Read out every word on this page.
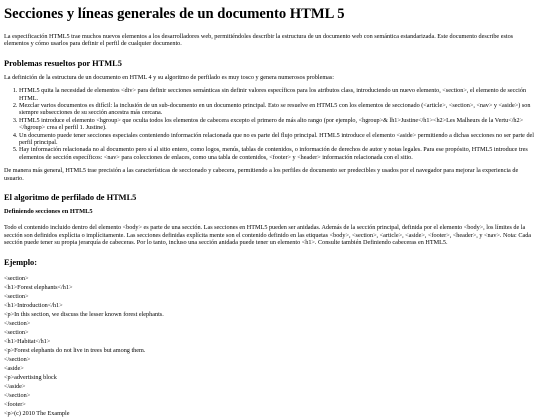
Secciones y líneas generales de un documento HTML 5

La especificación HTML5 trae muchos nuevos elementos a los desarrolladores web, permitiéndoles describir la estructura de un documento web con semántica estandarizada. Este documento describe estos elementos y cómo usarlos para definir el perfil de cualquier documento.

Problemas resueltos por HTML5

La definición de la estructura de un documento en HTML 4 y su algoritmo de perfilado es muy tosco y genera numerosos problemas:

1. HTML5 quita la necesidad de elementos <div> para definir secciones semánticas sin definir valores específicos para los atributos class, introduciendo un nuevo elemento, <section>, el elemento de sección HTML.
2. Mezclar varios documentos es difícil: la inclusión de un sub-documento en un documento principal. Esto se resuelve en HTML5 con los elementos de seccionado (<article>, <section>, <nav> y <aside>) son siempre subsecciones de su sección ancestra más cercana.
3. HTML5 introduce el elemento <hgroup> que oculta todos los elementos de cabecera excepto el primero de más alto rango (por ejemplo, <hgroup>& lh1>Justine</h1><h2>Les Malheurs de la Vertu</h2></hgroup> crea el perfil 1. Justine).
4. Un documento puede tener secciones especiales conteniendo información relacionada que no es parte del flujo principal. HTML5 introduce el elemento <aside> permitiendo a dichas secciones no ser parte del perfil principal.
5. Hay información relacionada no al documento pero sí al sitio entero, como logos, menús, tablas de contenidos, o información de derechos de autor y notas legales. Para ese propósito, HTML5 introduce tres elementos de sección específicos: <nav> para colecciones de enlaces, como una tabla de contenidos, <footer> y <header> información relacionada con el sitio.

De manera más general, HTML5 trae precisión a las características de seccionado y cabecera, permitiendo a los perfiles de documento ser predecibles y usados por el navegador para mejorar la experiencia de usuario.

El algoritmo de perfilado de HTML5
Definiendo secciones en HTML5

Todo el contenido incluido dentro del elemento <body> es parte de una sección. Las secciones en HTML5 pueden ser anidadas. Además de la sección principal, definida por el elemento <body>, los límites de la sección son definidos explícita o implícitamente. Las secciones definidas explícita mente son el contenido definido en las etiquetas <body>, <section>, <article>, <aside>, <footer>, <header>, y <nav>. Nota: Cada sección puede tener su propia jerarquía de cabeceras. Por lo tanto, incluso una sección anidada puede tener un elemento <h1>. Consulte también Definiendo cabeceras en HTML5.

Ejemplo:
<section>
<h1>Forest elephants</h1>
<section>
<h1>Introduction</h1>
<p>In this section, we discuss the lesser known forest elephants.
</section>
<section>
<h1>Habitat</h1>
<p>Forest elephants do not live in trees but among them.
</section>
<aside>
<p>advertising block
</aside>
</section>
<footer>
<p>(c) 2010 The Example
